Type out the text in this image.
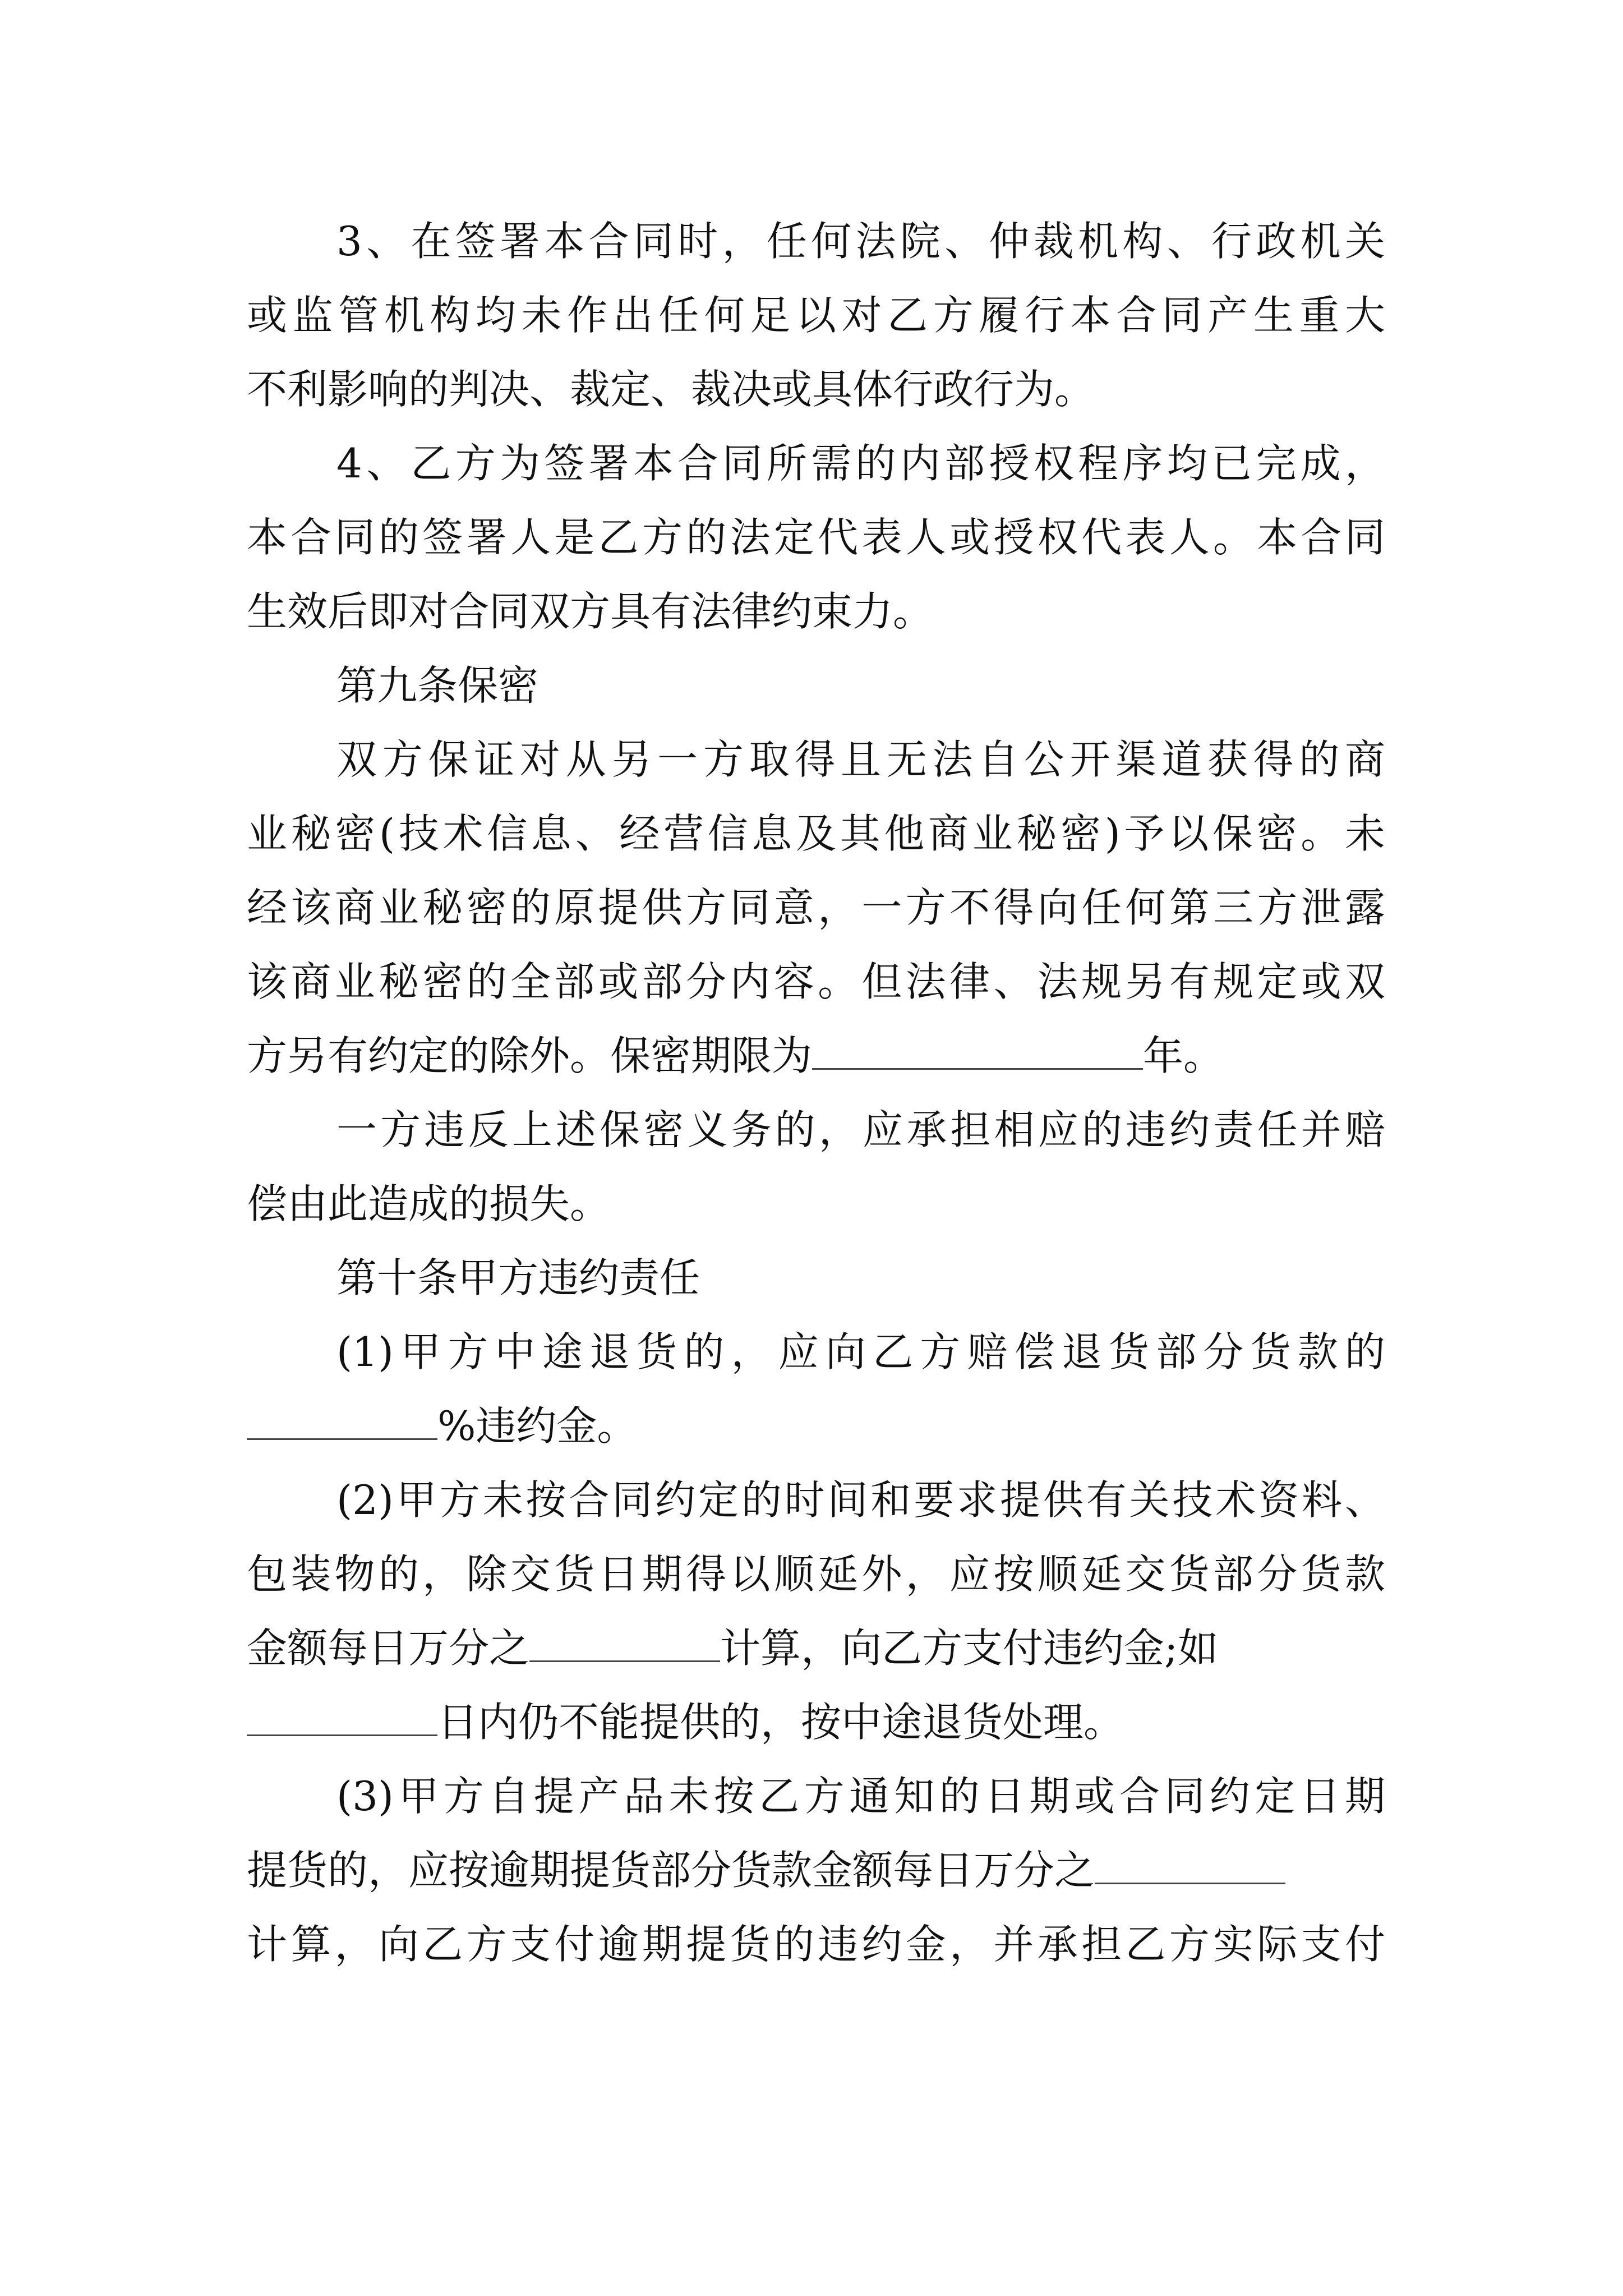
3、在签署本合同时，任何法院、仲裁机构、行政机关
或监管机构均未作出任何足以对乙方履行本合同产生重大
不利影响的判决、裁定、裁决或具体行政行为。
4、乙方为签署本合同所需的内部授权程序均已完成，
本合同的签署人是乙方的法定代表人或授权代表人。本合同
生效后即对合同双方具有法律约束力。
第九条保密
双方保证对从另一方取得且无法自公开渠道获得的商
业秘密(技术信息、经营信息及其他商业秘密)予以保密。未
经该商业秘密的原提供方同意，一方不得向任何第三方泄露
该商业秘密的全部或部分内容。但法律、法规另有规定或双
方另有约定的除外。保密期限为	年。
一方违反上述保密义务的，应承担相应的违约责任并赔
偿由此造成的损失。
第十条甲方违约责任
(1)甲方中途退货的，应向乙方赔偿退货部分货款的
%违约金。
(2)甲方未按合同约定的时间和要求提供有关技术资料、
包装物的，除交货日期得以顺延外，应按顺延交货部分货款
金额每日万分之	计算，向乙方支付违约金;如
日内仍不能提供的，按中途退货处理。
(3)甲方自提产品未按乙方通知的日期或合同约定日期
提货的，应按逾期提货部分货款金额每日万分之
计算，向乙方支付逾期提货的违约金，并承担乙方实际支付
